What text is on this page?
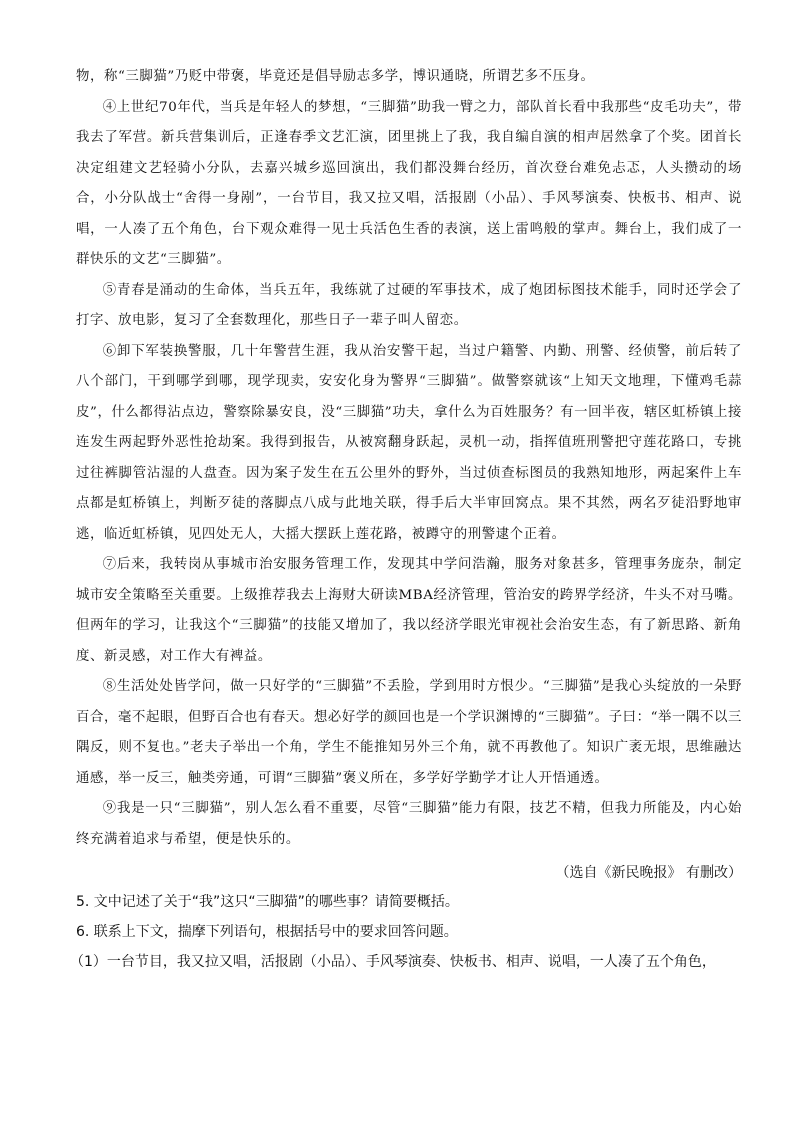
物，称“三脚猫”乃贬中带褒，毕竟还是倡导励志多学，博识通晓，所谓艺多不压身。

④上世纪70年代，当兵是年轻人的梦想，“三脚猫”助我一臂之力，部队首长看中我那些“皮毛功夫”，带我去了军营。新兵营集训后，正逢春季文艺汇演，团里挑上了我，我自编自演的相声居然拿了个奖。团首长决定组建文艺轻骑小分队，去嘉兴城乡巡回演出，我们都没舞台经历，首次登台难免忐忑，人头攒动的场合，小分队战士“舍得一身剐”，一台节目，我又拉又唱，活报剧（小品）、手风琴演奏、快板书、相声、说唱，一人凑了五个角色，台下观众难得一见士兵活色生香的表演，送上雷鸣般的掌声。舞台上，我们成了一群快乐的文艺“三脚猫”。

⑤青春是涌动的生命体，当兵五年，我练就了过硬的军事技术，成了炮团标图技术能手，同时还学会了打字、放电影，复习了全套数理化，那些日子一辈子叫人留恋。

⑥卸下军装换警服，几十年警营生涯，我从治安警干起，当过户籍警、内勤、刑警、经侦警，前后转了八个部门，干到哪学到哪，现学现卖，安安化身为警界“三脚猫”。做警察就该“上知天文地理，下懂鸡毛蒜皮”，什么都得沾点边，警察除暴安良，没“三脚猫”功夫，拿什么为百姓服务？有一回半夜，辖区虹桥镇上接连发生两起野外恶性抢劫案。我得到报告，从被窝翻身跃起，灵机一动，指挥值班刑警把守莲花路口，专挑过往裤脚管沾湿的人盘查。因为案子发生在五公里外的野外，当过侦查标图员的我熟知地形，两起案件上车点都是虹桥镇上，判断歹徒的落脚点八成与此地关联，得手后大半审回窝点。果不其然，两名歹徒沿野地审逃，临近虹桥镇，见四处无人，大摇大摆跃上莲花路，被蹲守的刑警逮个正着。

⑦后来，我转岗从事城市治安服务管理工作，发现其中学问浩瀚，服务对象甚多，管理事务庞杂，制定城市安全策略至关重要。上级推荐我去上海财大研读MBA经济管理，管治安的跨界学经济，牛头不对马嘴。但两年的学习，让我这个“三脚猫”的技能又增加了，我以经济学眼光审视社会治安生态，有了新思路、新角度、新灵感，对工作大有裨益。

⑧生活处处皆学问，做一只好学的“三脚猫”不丢脸，学到用时方恨少。“三脚猫”是我心头绽放的一朵野百合，毫不起眼，但野百合也有春天。想必好学的颜回也是一个学识渊博的“三脚猫”。子曰：“举一隅不以三隅反，则不复也。”老夫子举出一个角，学生不能推知另外三个角，就不再教他了。知识广袤无垠，思维融达通感，举一反三，触类旁通，可谓“三脚猫”褒义所在，多学好学勤学才让人开悟通透。

⑨我是一只“三脚猫”，别人怎么看不重要，尽管“三脚猫”能力有限，技艺不精，但我力所能及，内心始终充满着追求与希望，便是快乐的。

（选自《新民晚报》 有删改）

5. 文中记述了关于“我”这只“三脚猫”的哪些事？请简要概括。

6. 联系上下文，揣摩下列语句，根据括号中的要求回答问题。

（1）一台节目，我又拉又唱，活报剧（小品）、手风琴演奏、快板书、相声、说唱，一人凑了五个角色，
